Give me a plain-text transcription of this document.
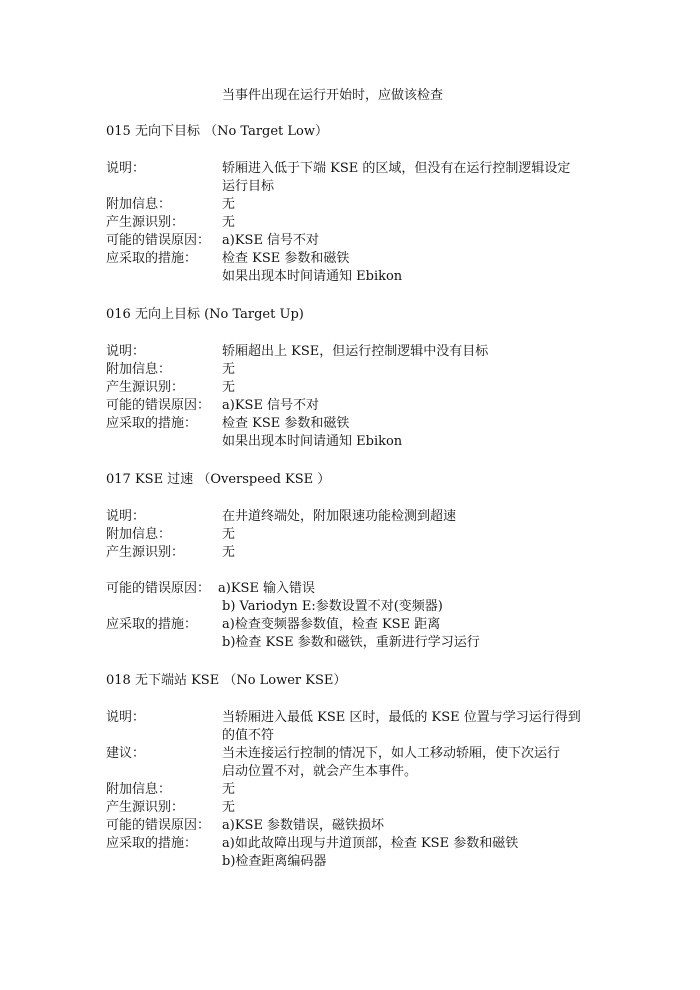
当事件出现在运行开始时，应做该检查
015 无向下目标 （No Target Low）
说明：	轿厢进入低于下端 KSE 的区域，但没有在运行控制逻辑设定
运行目标
附加信息：	无
产生源识别：	无
可能的错误原因： a)KSE 信号不对
应采取的措施： 检查 KSE 参数和磁铁
如果出现本时间请通知 Ebikon
016 无向上目标 (No Target Up)
说明：	轿厢超出上 KSE，但运行控制逻辑中没有目标
附加信息：	无
产生源识别：	无
可能的错误原因： a)KSE 信号不对
应采取的措施： 检查 KSE 参数和磁铁
如果出现本时间请通知 Ebikon
017 KSE 过速 （Overspeed KSE ）
说明：	在井道终端处，附加限速功能检测到超速
附加信息：	无
产生源识别：	无
可能的错误原因： a)KSE 输入错误
b) Variodyn E:参数设置不对(变频器)
应采取的措施： a)检查变频器参数值，检查 KSE 距离
b)检查 KSE 参数和磁铁，重新进行学习运行
018 无下端站 KSE （No Lower KSE）
说明：	当轿厢进入最低 KSE 区时，最低的 KSE 位置与学习运行得到
的值不符
建议：	当未连接运行控制的情况下，如人工移动轿厢，使下次运行
启动位置不对，就会产生本事件。
附加信息：	无
产生源识别：	无
可能的错误原因： a)KSE 参数错误，磁铁损坏
应采取的措施： a)如此故障出现与井道顶部，检查 KSE 参数和磁铁
b)检查距离编码器
